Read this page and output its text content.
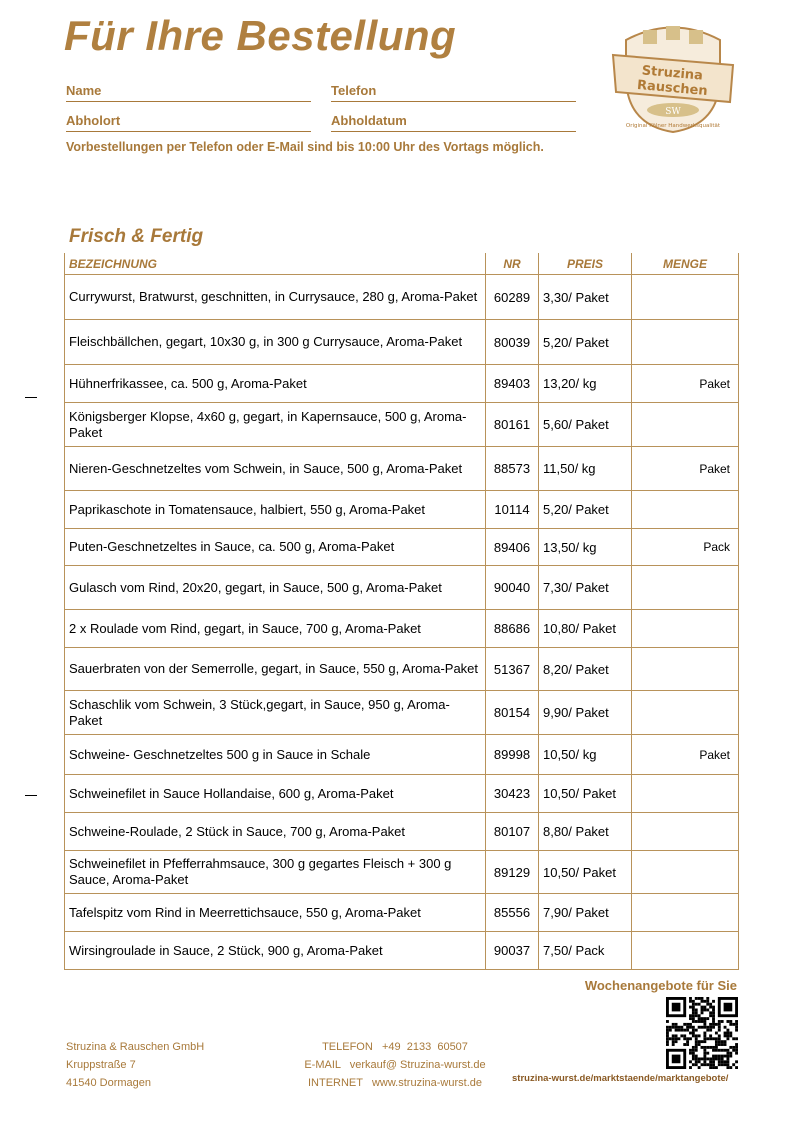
Für Ihre Bestellung
Struzina
Rauschen
SW
Original Kölner Handwerksqualität
Name	Telefon
Abholort	Abholdatum
Vorbestellungen per Telefon oder E-Mail sind bis 10:00 Uhr des Vortags möglich.
Frisch & Fertig
BEZEICHNUNG	NR	PREIS	MENGE
Currywurst, Bratwurst, geschnitten, in Currysauce, 280 g, Aroma-Paket	60289	3,30/ Paket	
Fleischbällchen, gegart, 10x30 g, in 300 g Currysauce, Aroma-Paket	80039	5,20/ Paket	
Hühnerfrikassee, ca. 500 g, Aroma-Paket	89403	13,20/ kg	Paket
Königsberger Klopse, 4x60 g, gegart, in Kapernsauce, 500 g, Aroma-Paket	80161	5,60/ Paket	
Nieren-Geschnetzeltes vom Schwein, in Sauce, 500 g, Aroma-Paket	88573	11,50/ kg	Paket
Paprikaschote in Tomatensauce, halbiert, 550 g, Aroma-Paket	10114	5,20/ Paket	
Puten-Geschnetzeltes in Sauce, ca. 500 g, Aroma-Paket	89406	13,50/ kg	Pack
Gulasch vom Rind, 20x20, gegart, in Sauce, 500 g, Aroma-Paket	90040	7,30/ Paket	
2 x Roulade vom Rind, gegart, in Sauce, 700 g, Aroma-Paket	88686	10,80/ Paket	
Sauerbraten von der Semerrolle, gegart, in Sauce, 550 g, Aroma-Paket	51367	8,20/ Paket	
Schaschlik vom Schwein, 3 Stück,gegart, in Sauce, 950 g, Aroma-Paket	80154	9,90/ Paket	
Schweine- Geschnetzeltes 500 g in Sauce in Schale	89998	10,50/ kg	Paket
Schweinefilet in Sauce Hollandaise, 600 g, Aroma-Paket	30423	10,50/ Paket	
Schweine-Roulade, 2 Stück in Sauce, 700 g, Aroma-Paket	80107	8,80/ Paket	
Schweinefilet in Pfefferrahmsauce, 300 g gegartes Fleisch + 300 g Sauce, Aroma-Paket	89129	10,50/ Paket	
Tafelspitz vom Rind in Meerrettichsauce, 550 g, Aroma-Paket	85556	7,90/ Paket	
Wirsingroulade in Sauce, 2 Stück, 900 g, Aroma-Paket	90037	7,50/ Pack	
Struzina & Rauschen GmbH
Kruppstraße 7
41540 Dormagen
TELEFON   +49  2133  60507
E-MAIL   verkauf@ Struzina-wurst.de
INTERNET   www.struzina-wurst.de
Wochenangebote für Sie
struzina-wurst.de/marktstaende/marktangebote/
